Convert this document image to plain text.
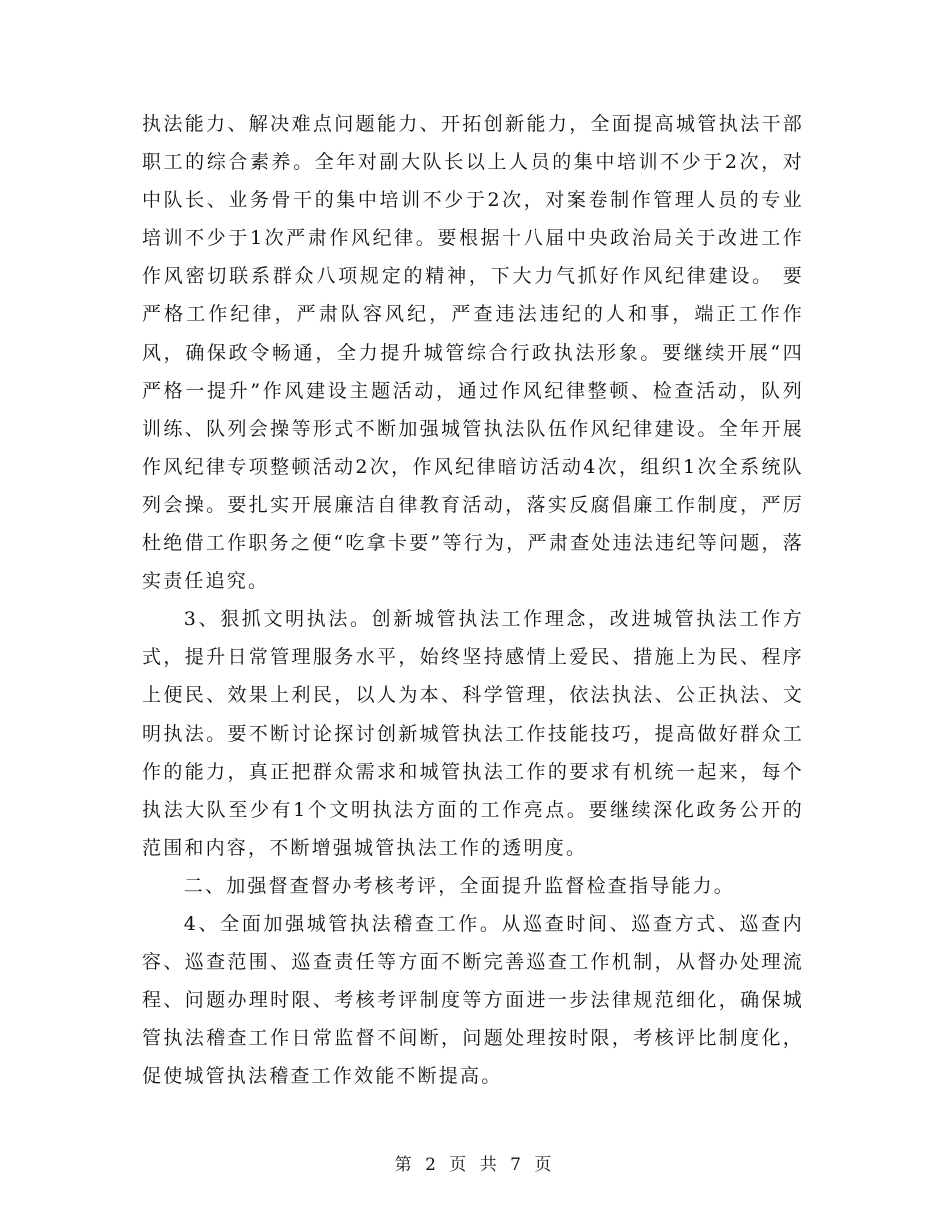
执法能力、解决难点问题能力、开拓创新能力，全面提高城管执法干部职工的综合素养。全年对副大队长以上人员的集中培训不少于2次，对中队长、业务骨干的集中培训不少于2次，对案卷制作管理人员的专业培训不少于1次严肃作风纪律。要根据十八届中央政治局关于改进工作作风密切联系群众八项规定的精神，下大力气抓好作风纪律建设。 要严格工作纪律，严肃队容风纪，严查违法违纪的人和事，端正工作作风，确保政令畅通，全力提升城管综合行政执法形象。要继续开展“四严格一提升”作风建设主题活动，通过作风纪律整顿、检查活动，队列训练、队列会操等形式不断加强城管执法队伍作风纪律建设。全年开展作风纪律专项整顿活动2次，作风纪律暗访活动4次，组织1次全系统队列会操。要扎实开展廉洁自律教育活动，落实反腐倡廉工作制度，严厉杜绝借工作职务之便“吃拿卡要”等行为，严肃查处违法违纪等问题，落实责任追究。

3、狠抓文明执法。创新城管执法工作理念，改进城管执法工作方式，提升日常管理服务水平，始终坚持感情上爱民、措施上为民、程序上便民、效果上利民，以人为本、科学管理，依法执法、公正执法、文明执法。要不断讨论探讨创新城管执法工作技能技巧，提高做好群众工作的能力，真正把群众需求和城管执法工作的要求有机统一起来，每个执法大队至少有1个文明执法方面的工作亮点。要继续深化政务公开的范围和内容，不断增强城管执法工作的透明度。

二、加强督查督办考核考评，全面提升监督检查指导能力。

4、全面加强城管执法稽查工作。从巡查时间、巡查方式、巡查内容、巡查范围、巡查责任等方面不断完善巡查工作机制，从督办处理流程、问题办理时限、考核考评制度等方面进一步法律规范细化，确保城管执法稽查工作日常监督不间断，问题处理按时限，考核评比制度化，促使城管执法稽查工作效能不断提高。

第 2 页 共 7 页
